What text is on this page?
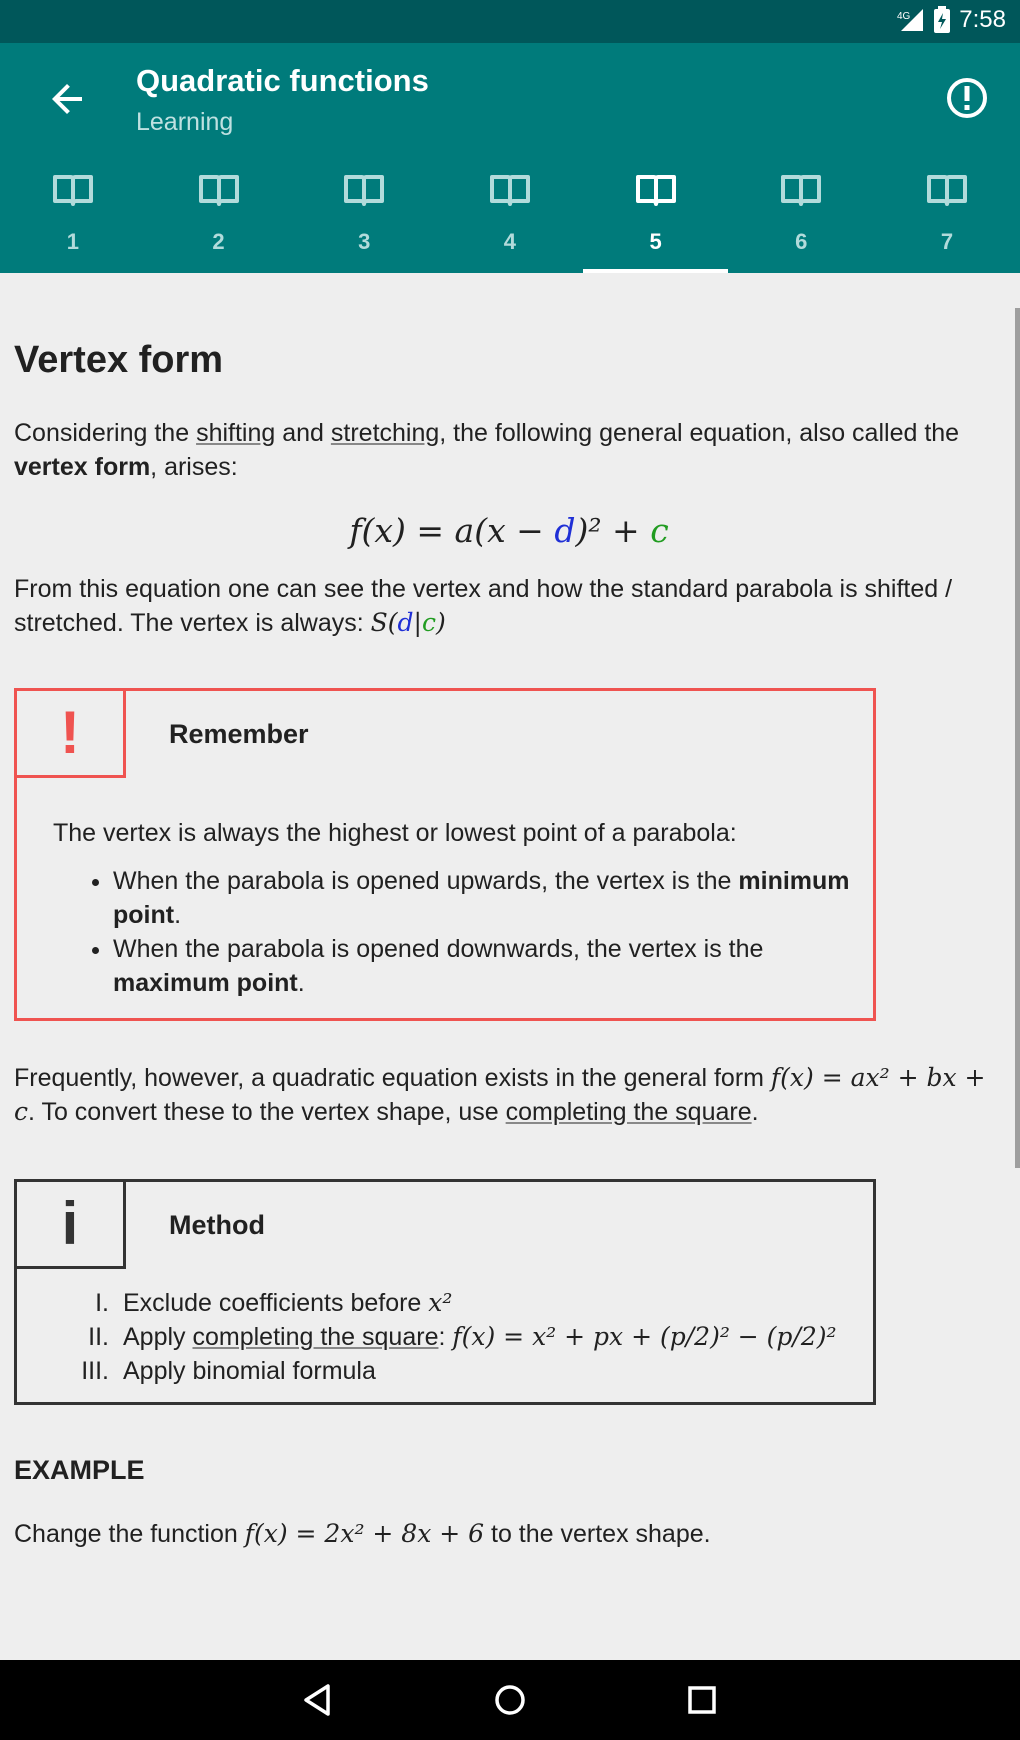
4G 7:58
Quadratic functions
Learning
1	2	3	4	5	6	7
Vertex form

Considering the shifting and stretching, the following general equation, also called the vertex form, arises:

f(x) = a(x − d)² + c

From this equation one can see the vertex and how the standard parabola is shifted / stretched. The vertex is always: S(d|c)

!	Remember
The vertex is always the highest or lowest point of a parabola:
• When the parabola is opened upwards, the vertex is the minimum point.
• When the parabola is opened downwards, the vertex is the maximum point.

Frequently, however, a quadratic equation exists in the general form f(x) = ax² + bx + c. To convert these to the vertex shape, use completing the square.

i	Method
I. Exclude coefficients before x²
II. Apply completing the square: f(x) = x² + px + (p/2)² − (p/2)²
III. Apply binomial formula
EXAMPLE

Change the function f(x) = 2x² + 8x + 6 to the vertex shape.
